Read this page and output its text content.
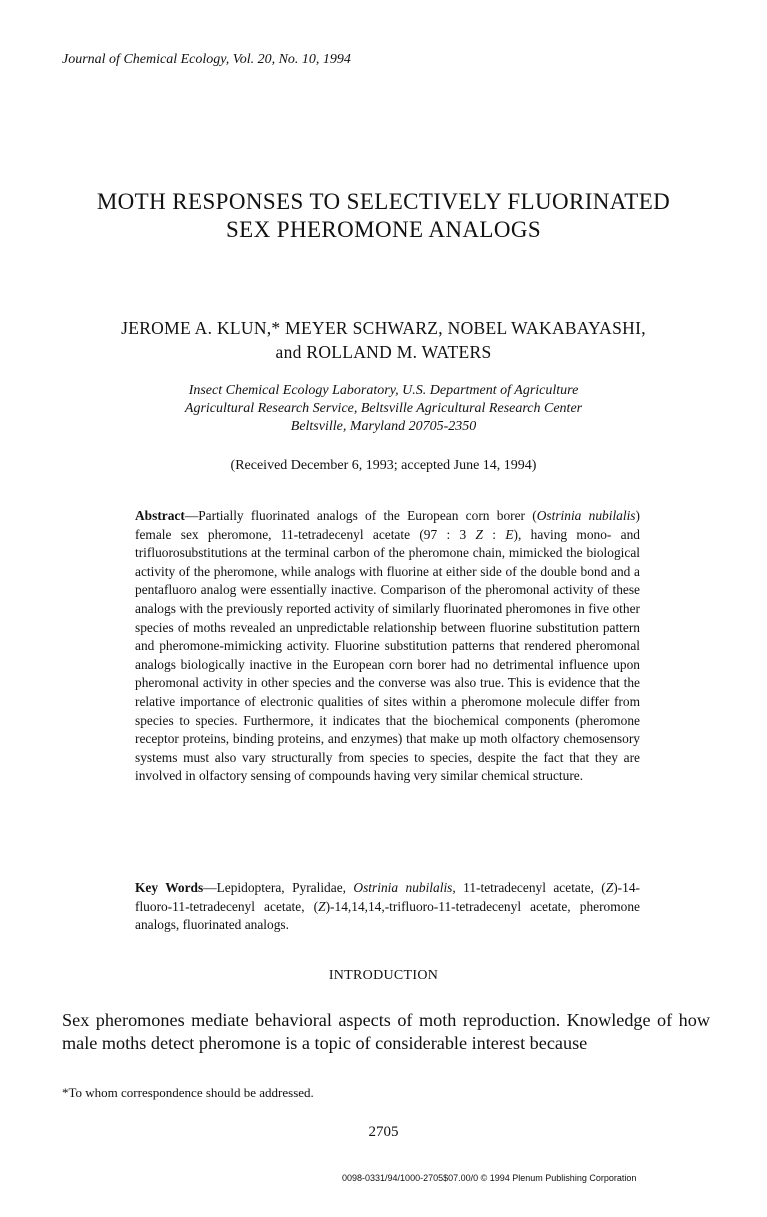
Journal of Chemical Ecology, Vol. 20, No. 10, 1994
MOTH RESPONSES TO SELECTIVELY FLUORINATED
SEX PHEROMONE ANALOGS
JEROME A. KLUN,* MEYER SCHWARZ, NOBEL WAKABAYASHI,
and ROLLAND M. WATERS
Insect Chemical Ecology Laboratory, U.S. Department of Agriculture
Agricultural Research Service, Beltsville Agricultural Research Center
Beltsville, Maryland 20705-2350
(Received December 6, 1993; accepted June 14, 1994)
Abstract—Partially fluorinated analogs of the European corn borer (Ostrinia nubilalis) female sex pheromone, 11-tetradecenyl acetate (97 : 3 Z : E), having mono- and trifluorosubstitutions at the terminal carbon of the pheromone chain, mimicked the biological activity of the pheromone, while analogs with fluorine at either side of the double bond and a pentafluoro analog were essentially inactive. Comparison of the pheromonal activity of these analogs with the previously reported activity of similarly fluorinated pheromones in five other species of moths revealed an unpredictable relationship between fluorine substitution pattern and pheromone-mimicking activity. Fluorine substitution patterns that rendered pheromonal analogs biologically inactive in the European corn borer had no detrimental influence upon pheromonal activity in other species and the converse was also true. This is evidence that the relative importance of electronic qualities of sites within a pheromone molecule differ from species to species. Furthermore, it indicates that the biochemical components (pheromone receptor proteins, binding proteins, and enzymes) that make up moth olfactory chemosensory systems must also vary structurally from species to species, despite the fact that they are involved in olfactory sensing of compounds having very similar chemical structure.
Key Words—Lepidoptera, Pyralidae, Ostrinia nubilalis, 11-tetradecenyl acetate, (Z)-14-fluoro-11-tetradecenyl acetate, (Z)-14,14,14,-trifluoro-11-tetradecenyl acetate, pheromone analogs, fluorinated analogs.
INTRODUCTION
Sex pheromones mediate behavioral aspects of moth reproduction. Knowledge of how male moths detect pheromone is a topic of considerable interest because
*To whom correspondence should be addressed.
2705
0098-0331/94/1000-2705$07.00/0 © 1994 Plenum Publishing Corporation
